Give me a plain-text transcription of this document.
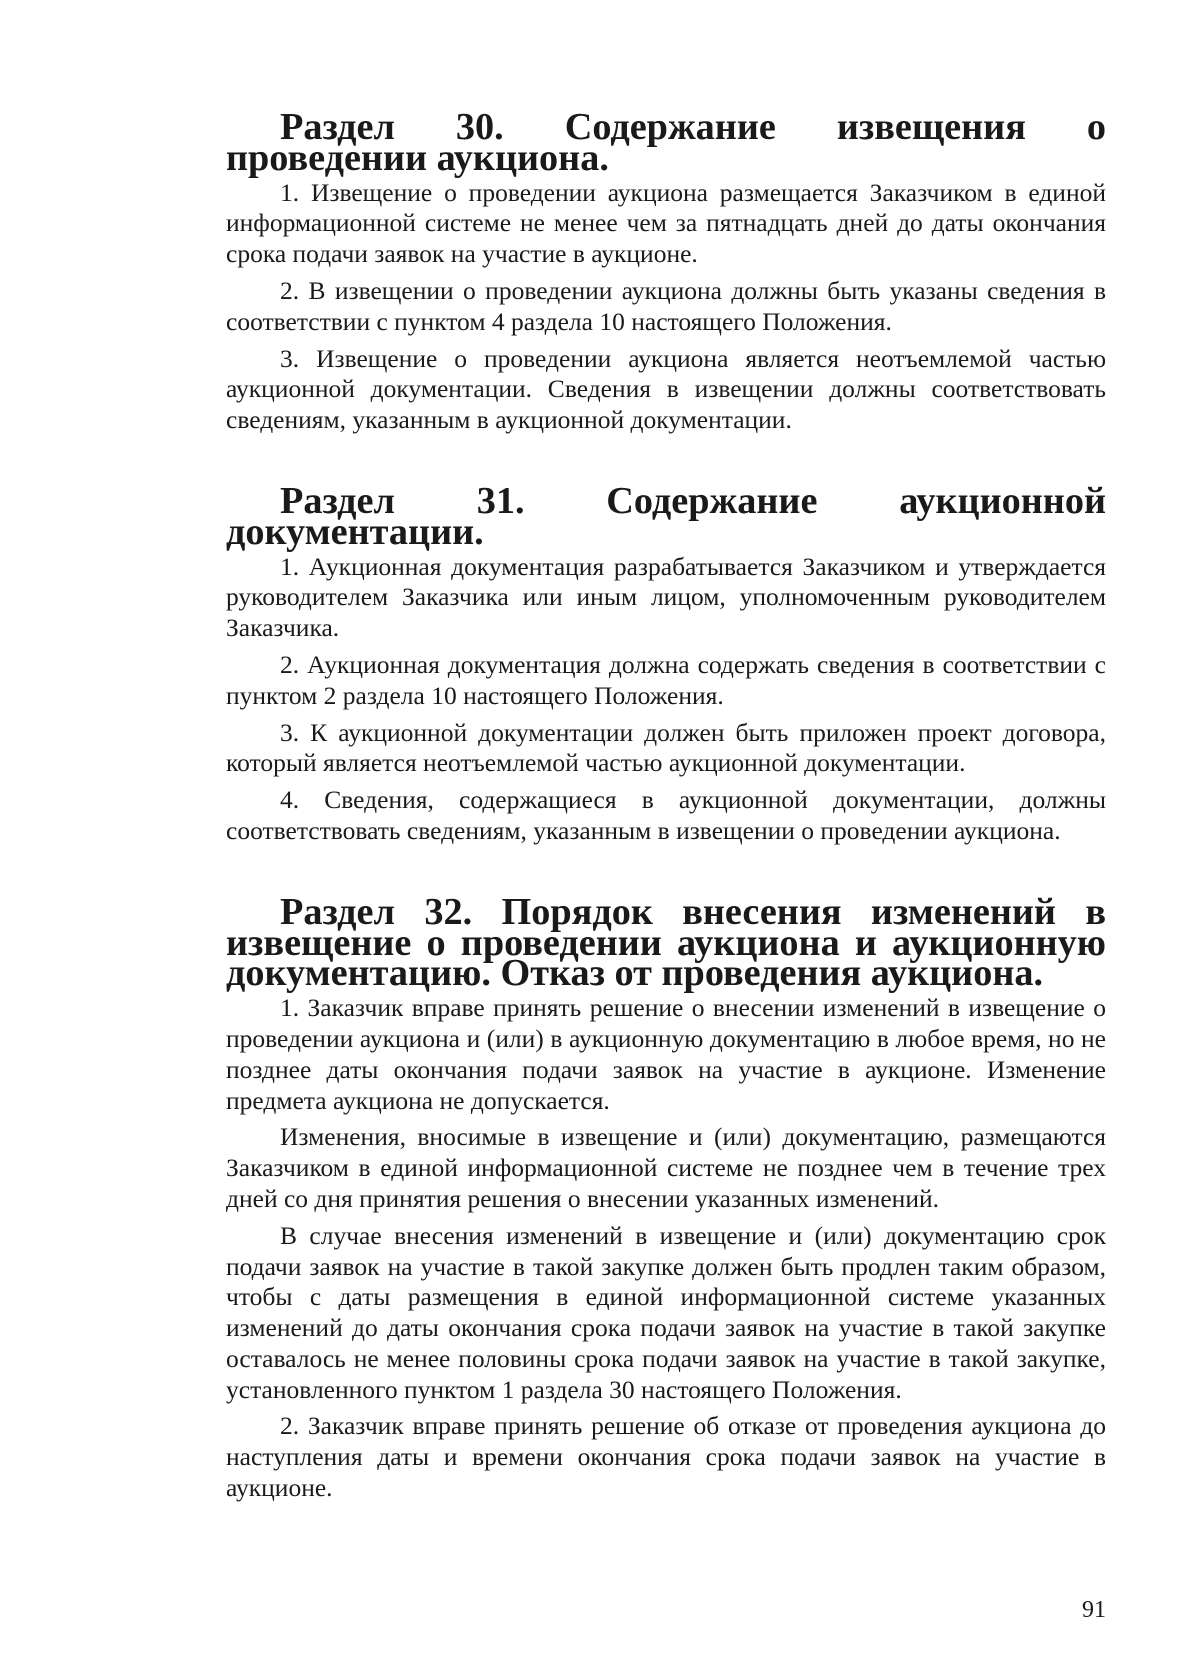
Раздел 30. Содержание извещения о проведении аукциона.

1. Извещение о проведении аукциона размещается Заказчиком в единой информационной системе не менее чем за пятнадцать дней до даты окончания срока подачи заявок на участие в аукционе.

2. В извещении о проведении аукциона должны быть указаны сведения в соответствии с пунктом 4 раздела 10 настоящего Положения.

3. Извещение о проведении аукциона является неотъемлемой частью аукционной документации. Сведения в извещении должны соответствовать сведениям, указанным в аукционной документации.

Раздел 31. Содержание аукционной документации.

1. Аукционная документация разрабатывается Заказчиком и утверждается руководителем Заказчика или иным лицом, уполномоченным руководителем Заказчика.

2. Аукционная документация должна содержать сведения в соответствии с пунктом 2 раздела 10 настоящего Положения.

3. К аукционной документации должен быть приложен проект договора, который является неотъемлемой частью аукционной документации.

4. Сведения, содержащиеся в аукционной документации, должны соответствовать сведениям, указанным в извещении о проведении аукциона.

Раздел 32. Порядок внесения изменений в извещение о проведении аукциона и аукционную документацию. Отказ от проведения аукциона.

1. Заказчик вправе принять решение о внесении изменений в извещение о проведении аукциона и (или) в аукционную документацию в любое время, но не позднее даты окончания подачи заявок на участие в аукционе. Изменение предмета аукциона не допускается.

Изменения, вносимые в извещение и (или) документацию, размещаются Заказчиком в единой информационной системе не позднее чем в течение трех дней со дня принятия решения о внесении указанных изменений.

В случае внесения изменений в извещение и (или) документацию срок подачи заявок на участие в такой закупке должен быть продлен таким образом, чтобы с даты размещения в единой информационной системе указанных изменений до даты окончания срока подачи заявок на участие в такой закупке оставалось не менее половины срока подачи заявок на участие в такой закупке, установленного пунктом 1 раздела 30 настоящего Положения.

2. Заказчик вправе принять решение об отказе от проведения аукциона до наступления даты и времени окончания срока подачи заявок на участие в аукционе.

91
